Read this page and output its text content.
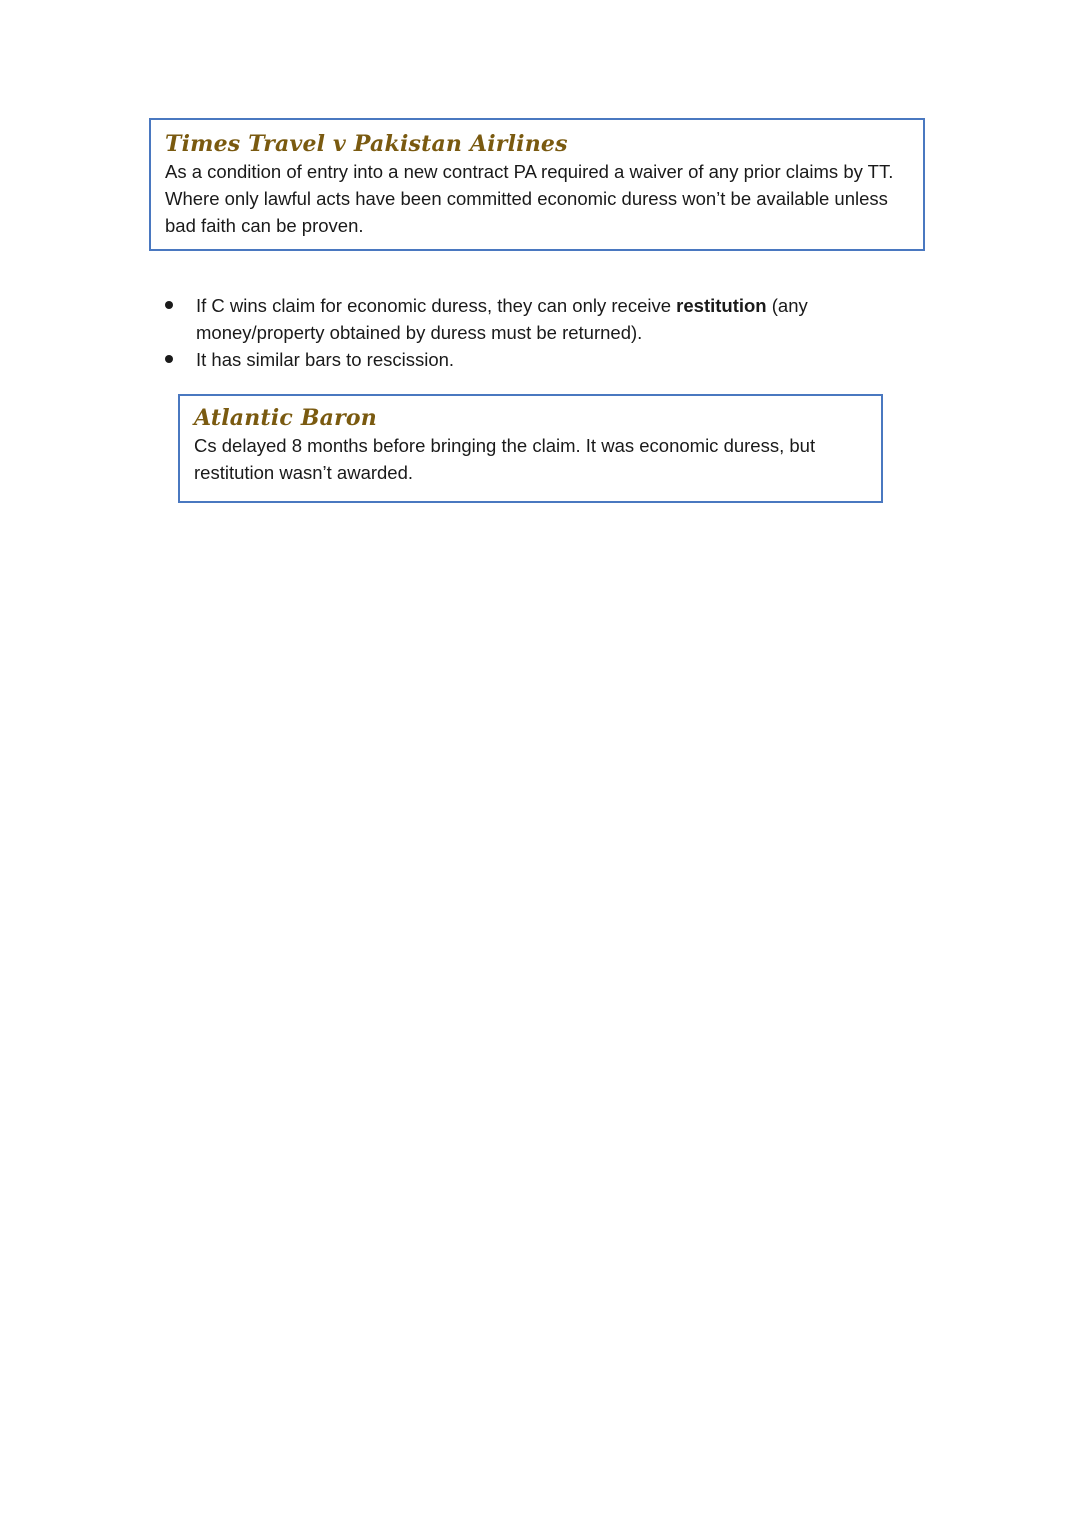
Times Travel v Pakistan Airlines
As a condition of entry into a new contract PA required a waiver of any prior claims by TT. Where only lawful acts have been committed economic duress won’t be available unless bad faith can be proven.
If C wins claim for economic duress, they can only receive restitution (any money/property obtained by duress must be returned).
It has similar bars to rescission.
Atlantic Baron
Cs delayed 8 months before bringing the claim. It was economic duress, but restitution wasn’t awarded.
